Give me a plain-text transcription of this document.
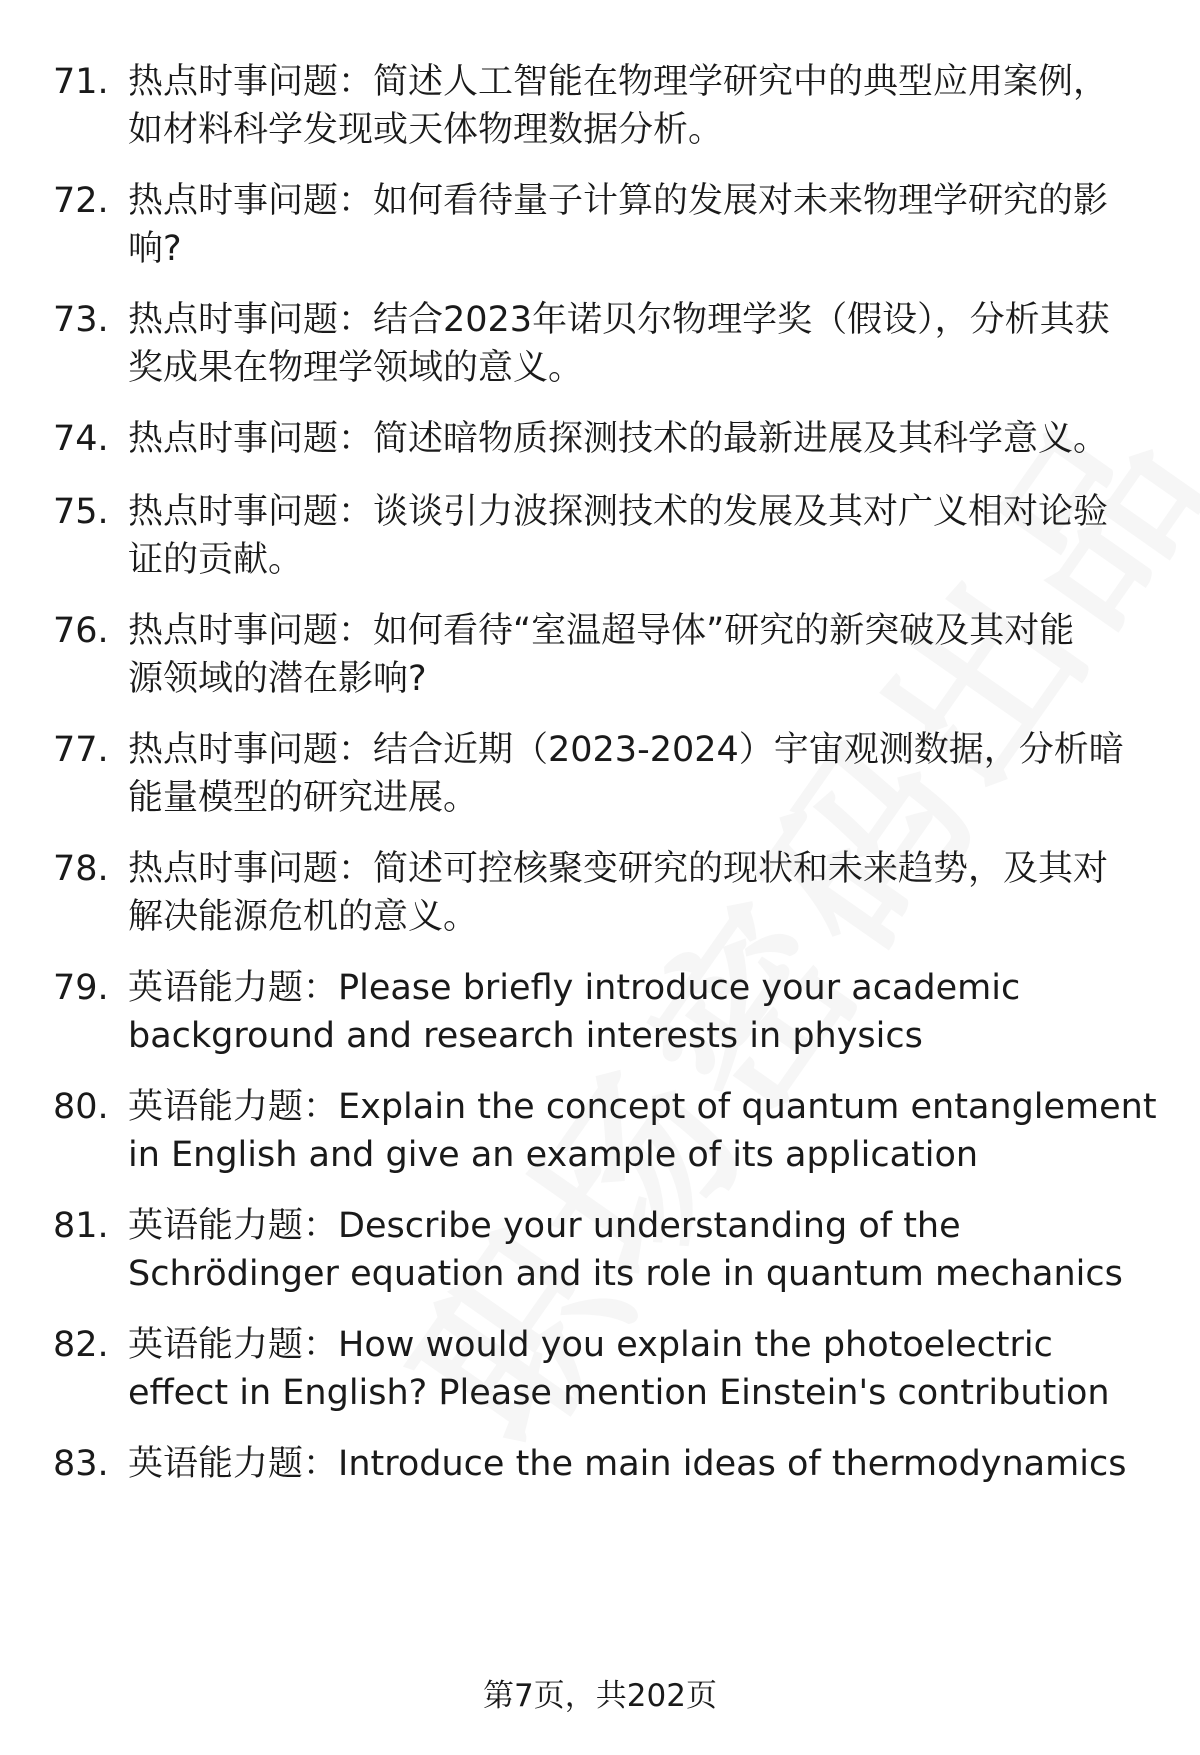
71. 热点时事问题：简述人工智能在物理学研究中的典型应用案例，
如材料科学发现或天体物理数据分析。
72. 热点时事问题：如何看待量子计算的发展对未来物理学研究的影
响?
73. 热点时事问题：结合2023年诺贝尔物理学奖（假设），分析其获
奖成果在物理学领域的意义。
74. 热点时事问题：简述暗物质探测技术的最新进展及其科学意义。
75. 热点时事问题：谈谈引力波探测技术的发展及其对广义相对论验
证的贡献。
76. 热点时事问题：如何看待“室温超导体”研究的新突破及其对能
源领域的潜在影响?
77. 热点时事问题：结合近期（2023-2024）宇宙观测数据，分析暗
能量模型的研究进展。
78. 热点时事问题：简述可控核聚变研究的现状和未来趋势，及其对
解决能源危机的意义。
79. 英语能力题：Please briefly introduce your academic
background and research interests in physics
80. 英语能力题：Explain the concept of quantum entanglement
in English and give an example of its application
81. 英语能力题：Describe your understanding of the
Schrödinger equation and its role in quantum mechanics
82. 英语能力题：How would you explain the photoelectric
effect in English? Please mention Einstein's contribution
83. 英语能力题：Introduce the main ideas of thermodynamics
第7页，共202页
